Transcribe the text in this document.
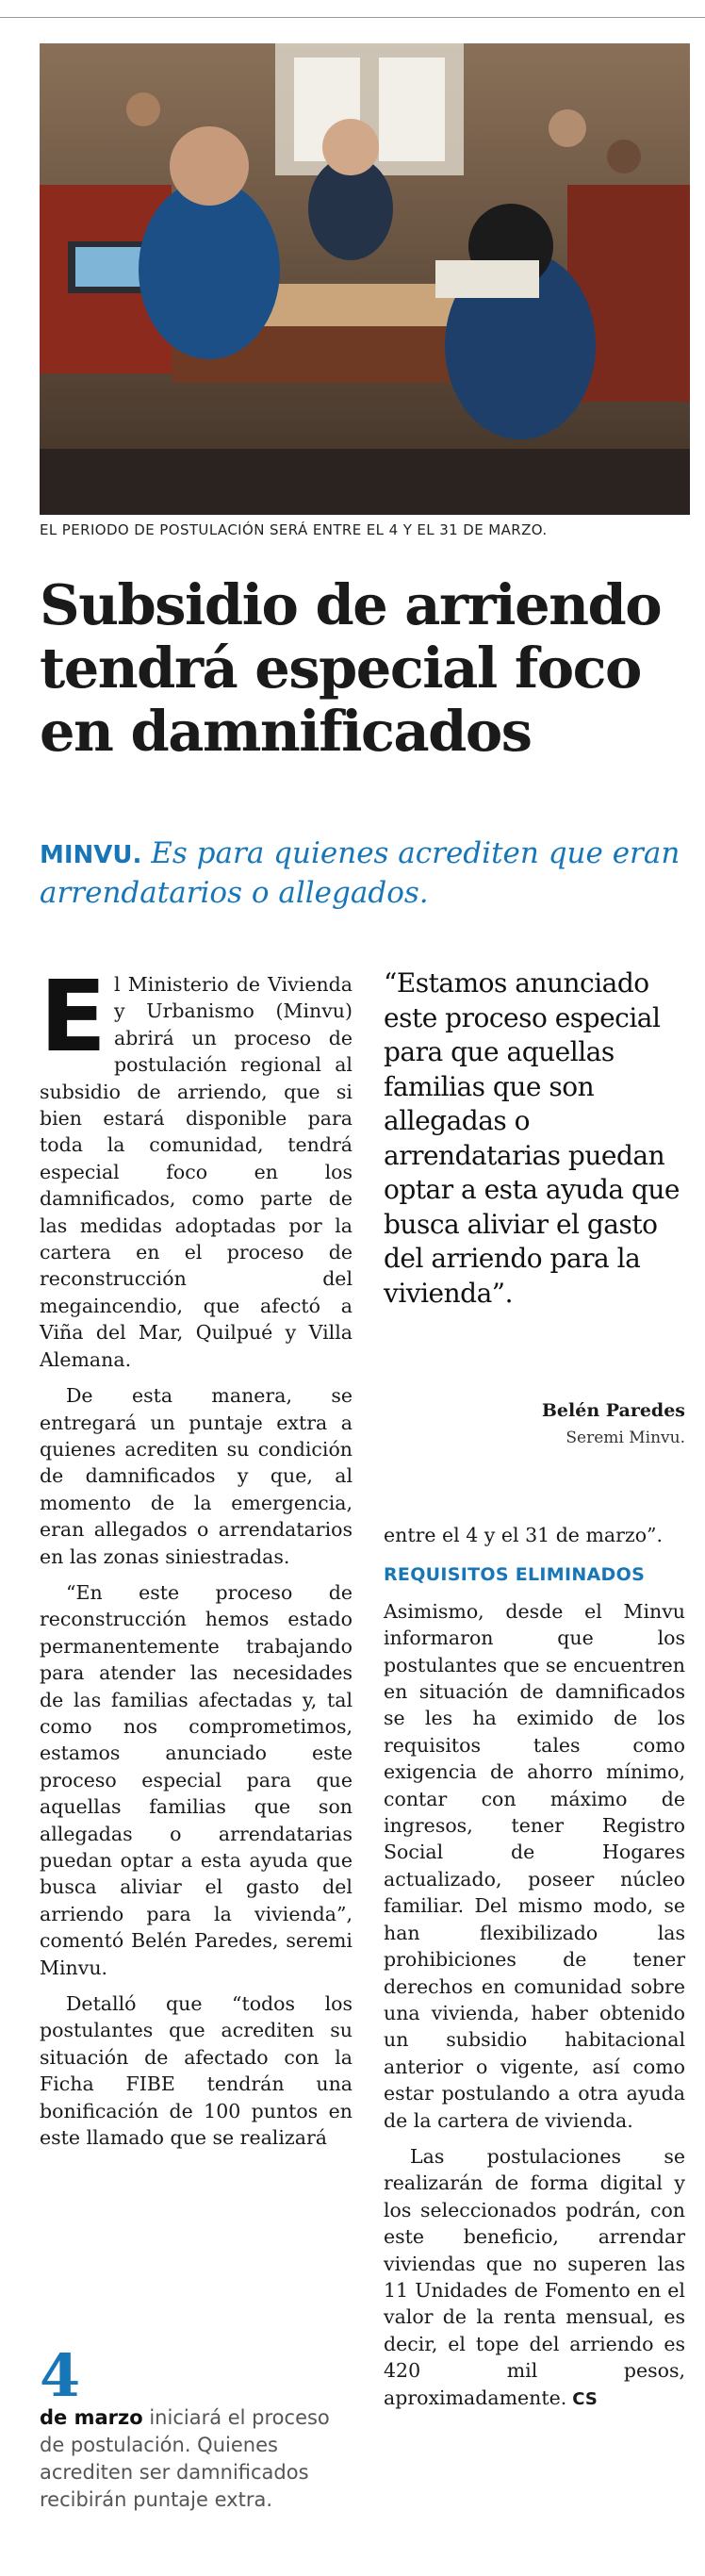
EL PERIODO DE POSTULACIÓN SERÁ ENTRE EL 4 Y EL 31 DE MARZO.
Subsidio de arriendo tendrá especial foco en damnificados
MINVU. Es para quienes acrediten que eran arrendatarios o allegados.

El Ministerio de Vivienda y Urbanismo (Minvu) abrirá un proceso de postulación regional al subsidio de arriendo, que si bien estará disponible para toda la comunidad, tendrá especial foco en los damnificados, como parte de las medidas adoptadas por la cartera en el proceso de reconstrucción del megaincendio, que afectó a Viña del Mar, Quilpué y Villa Alemana.

De esta manera, se entregará un puntaje extra a quienes acrediten su condición de damnificados y que, al momento de la emergencia, eran allegados o arrendatarios en las zonas siniestradas.

“En este proceso de reconstrucción hemos estado permanentemente trabajando para atender las necesidades de las familias afectadas y, tal como nos comprometimos, estamos anunciado este proceso especial para que aquellas familias que son allegadas o arrendatarias puedan optar a esta ayuda que busca aliviar el gasto del arriendo para la vivienda”, comentó Belén Paredes, seremi Minvu.

Detalló que “todos los postulantes que acrediten su situación de afectado con la Ficha FIBE tendrán una bonificación de 100 puntos en este llamado que se realizará

“Estamos anunciado este proceso especial para que aquellas familias que son allegadas o arrendatarias puedan optar a esta ayuda que busca aliviar el gasto del arriendo para la vivienda”.
Belén Paredes
Seremi Minvu.

entre el 4 y el 31 de marzo”.

REQUISITOS ELIMINADOS

Asimismo, desde el Minvu informaron que los postulantes que se encuentren en situación de damnificados se les ha eximido de los requisitos tales como exigencia de ahorro mínimo, contar con máximo de ingresos, tener Registro Social de Hogares actualizado, poseer núcleo familiar. Del mismo modo, se han flexibilizado las prohibiciones de tener derechos en comunidad sobre una vivienda, haber obtenido un subsidio habitacional anterior o vigente, así como estar postulando a otra ayuda de la cartera de vivienda.

Las postulaciones se realizarán de forma digital y los seleccionados podrán, con este beneficio, arrendar viviendas que no superen las 11 Unidades de Fomento en el valor de la renta mensual, es decir, el tope del arriendo es 420 mil pesos, aproximadamente. CS

4
de marzo iniciará el proceso de postulación. Quienes acrediten ser damnificados recibirán puntaje extra.
